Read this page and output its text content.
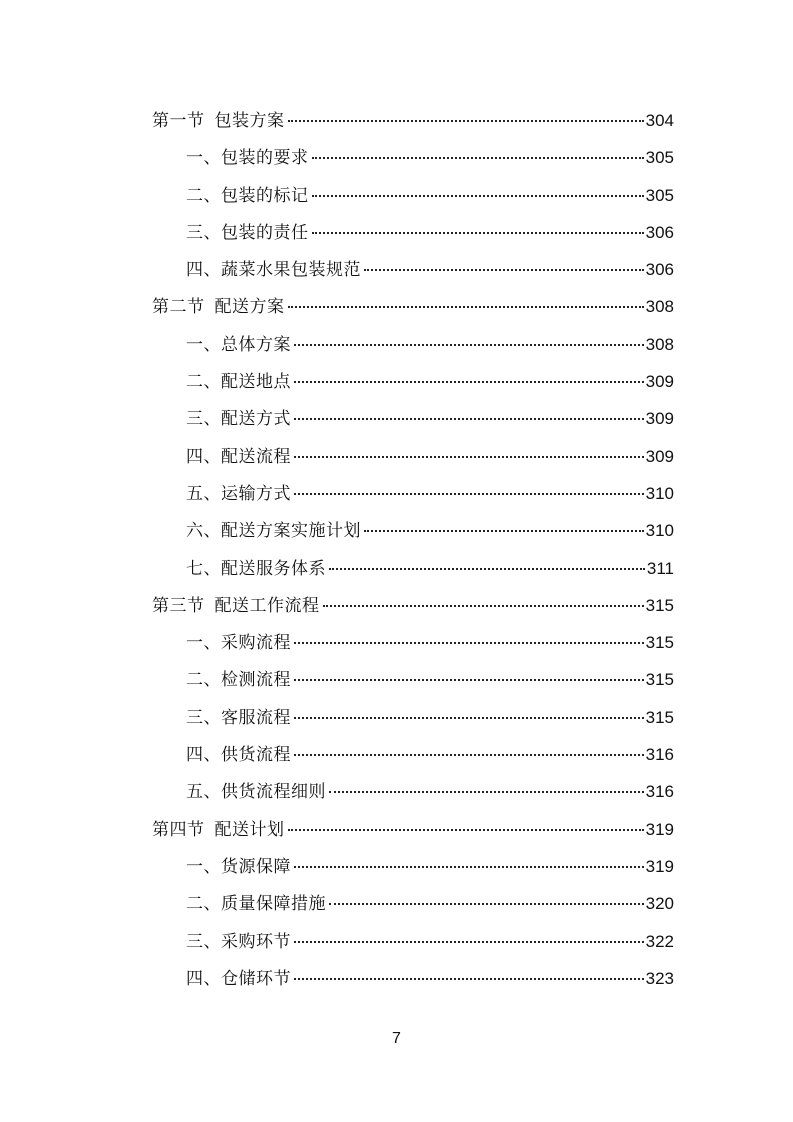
第一节 包装方案	304
一、包装的要求	305
二、包装的标记	305
三、包装的责任	306
四、蔬菜水果包装规范	306
第二节 配送方案	308
一、总体方案	308
二、配送地点	309
三、配送方式	309
四、配送流程	309
五、运输方式	310
六、配送方案实施计划	310
七、配送服务体系	311
第三节 配送工作流程	315
一、采购流程	315
二、检测流程	315
三、客服流程	315
四、供货流程	316
五、供货流程细则	316
第四节 配送计划	319
一、货源保障	319
二、质量保障措施	320
三、采购环节	322
四、仓储环节	323
7
